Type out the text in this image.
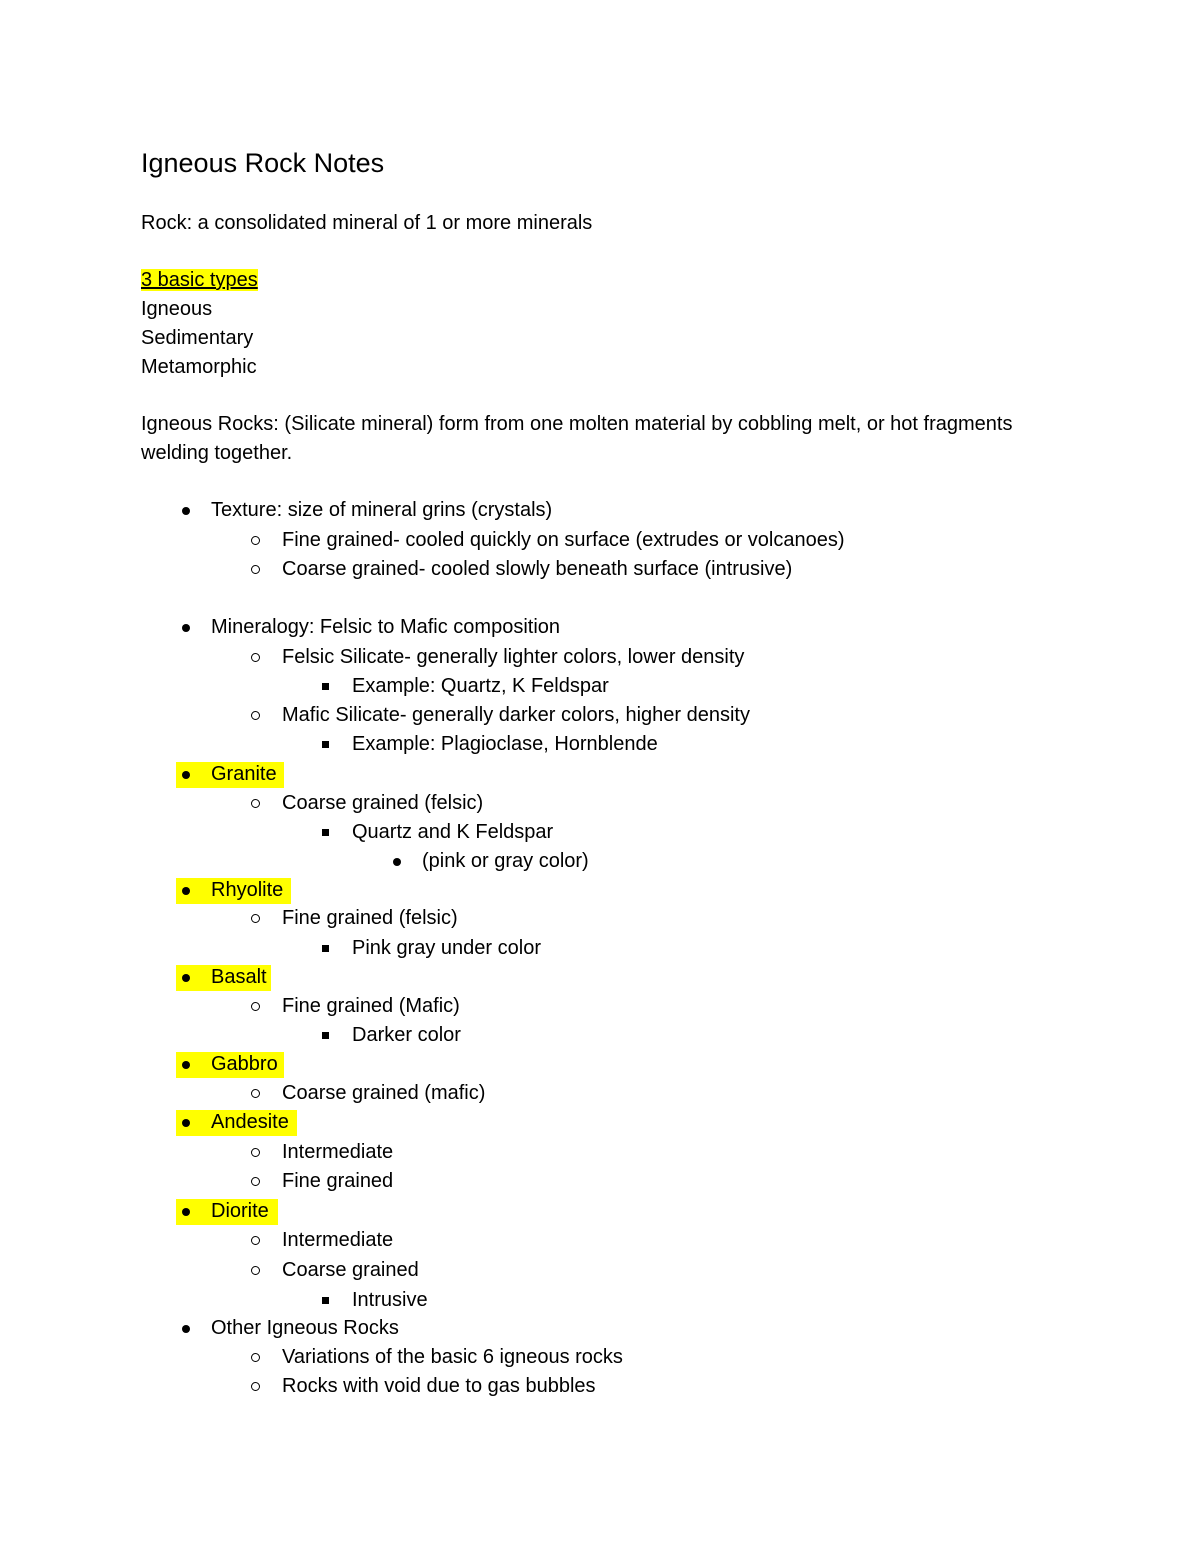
Igneous Rock Notes
Rock: a consolidated mineral of 1 or more minerals
3 basic types
Igneous
Sedimentary
Metamorphic
Igneous Rocks: (Silicate mineral) form from one molten material by cobbling melt, or hot fragments welding together.
Texture: size of mineral grins (crystals)
Fine grained- cooled quickly on surface (extrudes or volcanoes)
Coarse grained- cooled slowly beneath surface (intrusive)
Mineralogy: Felsic to Mafic composition
Felsic Silicate- generally lighter colors, lower density
Example: Quartz, K Feldspar
Mafic Silicate- generally darker colors, higher density
Example: Plagioclase, Hornblende
Granite
Coarse grained (felsic)
Quartz and K Feldspar
(pink or gray color)
Rhyolite
Fine grained (felsic)
Pink gray under color
Basalt
Fine grained (Mafic)
Darker color
Gabbro
Coarse grained (mafic)
Andesite
Intermediate
Fine grained
Diorite
Intermediate
Coarse grained
Intrusive
Other Igneous Rocks
Variations of the basic 6 igneous rocks
Rocks with void due to gas bubbles
